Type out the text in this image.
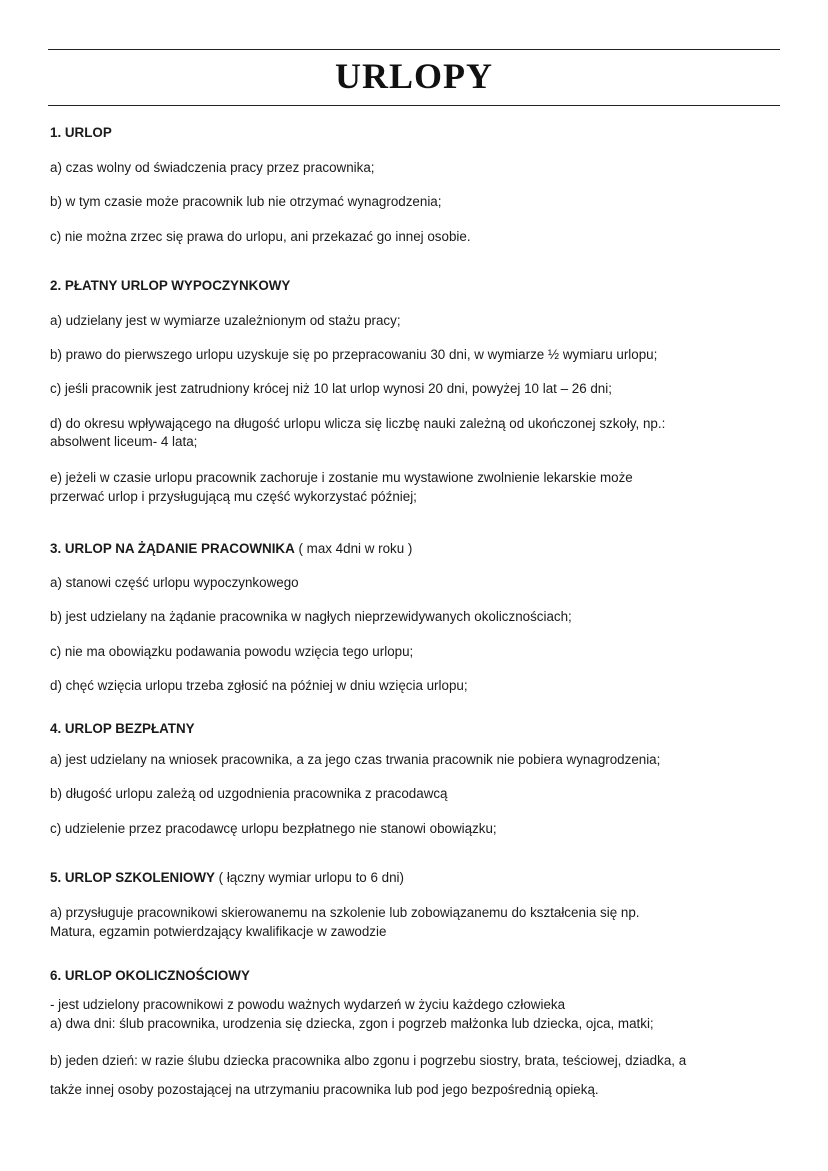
URLOPY
1. URLOP
a) czas wolny od świadczenia pracy przez pracownika;
b) w tym czasie może pracownik lub nie otrzymać wynagrodzenia;
c) nie można zrzec się prawa do urlopu, ani przekazać go innej osobie.
2. PŁATNY URLOP WYPOCZYNKOWY
a) udzielany jest w wymiarze uzależnionym od stażu pracy;
b) prawo do pierwszego urlopu uzyskuje się po przepracowaniu 30 dni, w wymiarze ½ wymiaru urlopu;
c) jeśli pracownik jest zatrudniony krócej niż 10 lat urlop wynosi 20 dni, powyżej 10 lat – 26 dni;
d) do okresu wpływającego na długość urlopu wlicza się liczbę nauki zależną od ukończonej szkoły, np.:
absolwent liceum- 4 lata;
e) jeżeli w czasie urlopu pracownik zachoruje i zostanie mu wystawione zwolnienie lekarskie może
przerwać urlop i przysługującą mu część wykorzystać później;
3. URLOP NA ŻĄDANIE PRACOWNIKA ( max 4dni w roku )
a) stanowi część urlopu wypoczynkowego
b) jest udzielany na żądanie pracownika w nagłych nieprzewidywanych okolicznościach;
c) nie ma obowiązku podawania powodu wzięcia tego urlopu;
d) chęć wzięcia urlopu trzeba zgłosić na później w dniu wzięcia urlopu;
4. URLOP BEZPŁATNY
a) jest udzielany na wniosek pracownika, a za jego czas trwania pracownik nie pobiera wynagrodzenia;
b) długość urlopu zależą od uzgodnienia pracownika z pracodawcą
c) udzielenie przez pracodawcę urlopu bezpłatnego nie stanowi obowiązku;
5. URLOP SZKOLENIOWY ( łączny wymiar urlopu to 6 dni)
a) przysługuje pracownikowi skierowanemu na szkolenie lub zobowiązanemu do kształcenia się np.
Matura, egzamin potwierdzający kwalifikacje w zawodzie
6. URLOP OKOLICZNOŚCIOWY
- jest udzielony pracownikowi z powodu ważnych wydarzeń w życiu każdego człowieka
a) dwa dni: ślub pracownika, urodzenia się dziecka, zgon i pogrzeb małżonka lub dziecka, ojca, matki;
b) jeden dzień: w razie ślubu dziecka pracownika albo zgonu i pogrzebu siostry, brata, teściowej, dziadka, a
także innej osoby pozostającej na utrzymaniu pracownika lub pod jego bezpośrednią opieką.
